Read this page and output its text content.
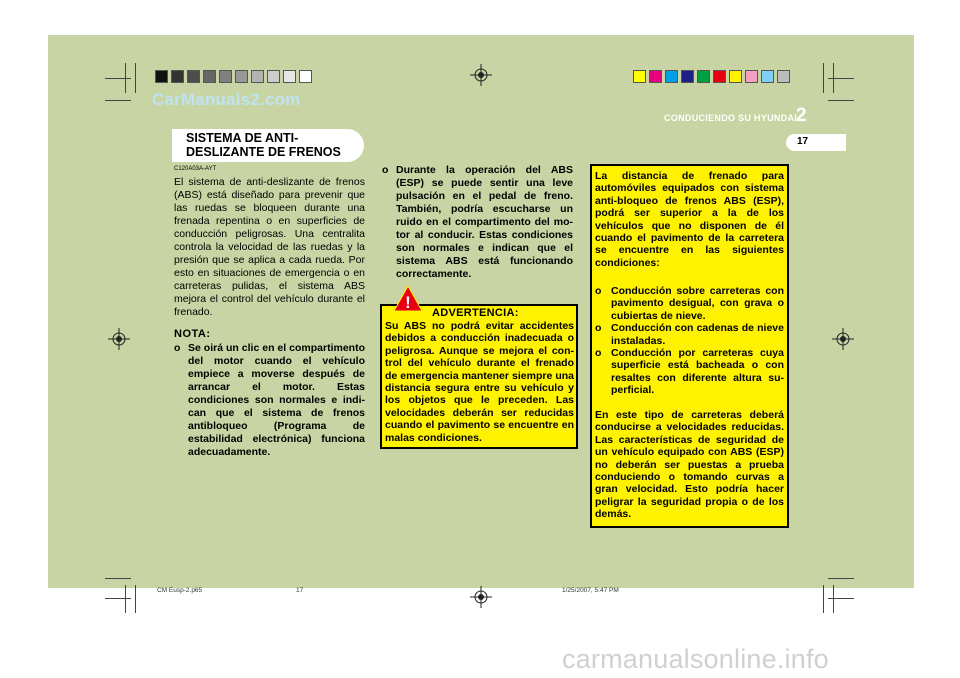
CarManuals2.com
CONDUCIENDO SU HYUNDAI
2
17
SISTEMA DE ANTI-
DESLIZANTE DE FRENOS
C120A03A-AYT
El sistema de anti-deslizante de frenos (ABS) está diseñado para prevenir que las ruedas se bloqueen durante una frenada repentina o en superficies de conducción peligrosas. Una centralita controla la velocidad de las ruedas y la presión que se aplica a cada rueda. Por esto en situaciones de emergencia o en carreteras pulidas, el sistema ABS mejora el control del vehículo durante el frenado.
NOTA:
o Se oirá un clic en el compartimento del motor cuando el vehículo empiece a moverse después de arrancar el motor. Estas condiciones son normales e indi-can que el sistema de frenos antibloqueo (Programa de estabilidad electrónica) funciona adecuadamente.
o Durante la operación del ABS (ESP) se puede sentir una leve pulsación en el pedal de freno. También, podría escucharse un ruido en el compartimento del mo-tor al conducir. Estas condiciones son normales e indican que el sistema ABS está funcionando correctamente.
!
ADVERTENCIA:
Su ABS no podrá evitar accidentes debidos a conducción inadecuada o peligrosa. Aunque se mejora el con-trol del vehículo durante el frenado de emergencia mantener siempre una distancia segura entre su vehículo y los objetos que le preceden. Las velocidades deberán ser reducidas cuando el pavimento se encuentre en malas condiciones.
La distancia de frenado para automóviles equipados con sistema anti-bloqueo de frenos ABS (ESP), podrá ser superior a la de los vehículos que no disponen de él cuando el pavimento de la carretera se encuentre en las siguientes condiciones:
o Conducción sobre carreteras con pavimento desigual, con grava o cubiertas de nieve.
o Conducción con cadenas de nieve instaladas.
o Conducción por carreteras cuya superficie está bacheada o con resaltes con diferente altura su-perficial.
En este tipo de carreteras deberá conducirse a velocidades reducidas. Las características de seguridad de un vehículo equipado con ABS (ESP) no deberán ser puestas a prueba conduciendo o tomando curvas a gran velocidad. Esto podría hacer peligrar la seguridad propia o de los demás.
CM Eusp-2.p65	17	1/25/2007, 5:47 PM
carmanualsonline.info
